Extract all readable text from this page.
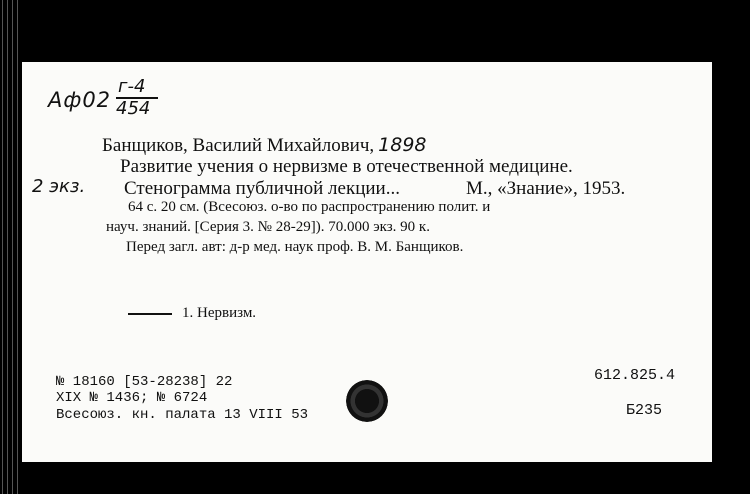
Аф02
г-4
454
2 экз.
Банщиков, Василий Михайлович, 1898
Развитие учения о нервизме в отечественной медицине.
Стенограмма публичной лекции...	М., «Знание», 1953.
64 с. 20 см. (Всесоюз. о-во по распространению полит. и
науч. знаний. [Серия 3. № 28-29]). 70.000 экз. 90 к.
Перед загл. авт: д-р мед. наук проф. В. М. Банщиков.
1. Нервизм.
№ 18160 [53-28238] 22
XIX № 1436; № 6724
Всесоюз. кн. палата 13 VIII 53
612.825.4
Б235
